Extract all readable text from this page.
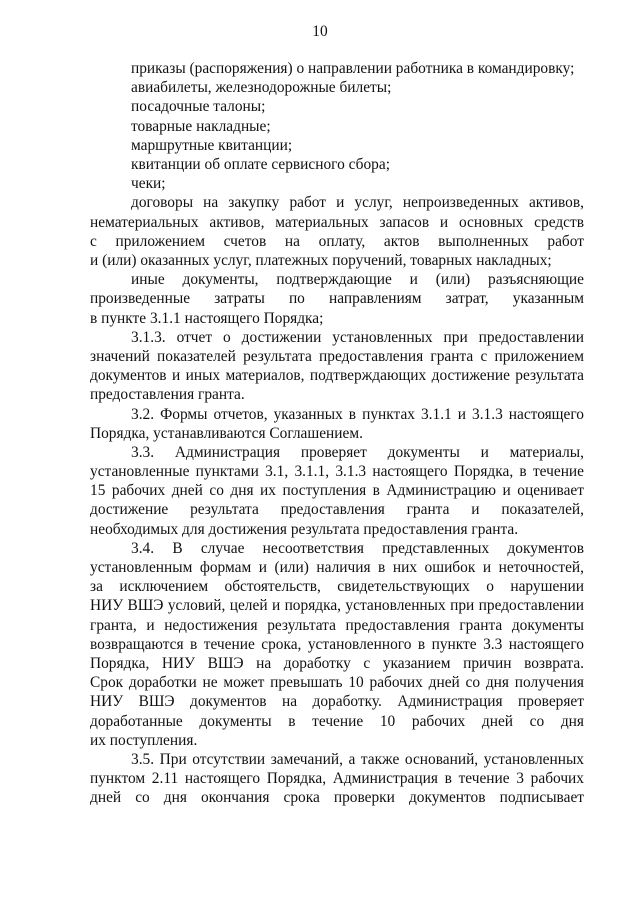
10
приказы (распоряжения) о направлении работника в командировку;
авиабилеты, железнодорожные билеты;
посадочные талоны;
товарные накладные;
маршрутные квитанции;
квитанции об оплате сервисного сбора;
чеки;
договоры на закупку работ и услуг, непроизведенных активов,
нематериальных активов, материальных запасов и основных средств
с приложением счетов на оплату, актов выполненных работ
и (или) оказанных услуг, платежных поручений, товарных накладных;
иные документы, подтверждающие и (или) разъясняющие
произведенные затраты по направлениям затрат, указанным
в пункте 3.1.1 настоящего Порядка;
3.1.3. отчет о достижении установленных при предоставлении
значений показателей результата предоставления гранта с приложением
документов и иных материалов, подтверждающих достижение результата
предоставления гранта.
3.2. Формы отчетов, указанных в пунктах 3.1.1 и 3.1.3 настоящего
Порядка, устанавливаются Соглашением.
3.3. Администрация проверяет документы и материалы,
установленные пунктами 3.1, 3.1.1, 3.1.3 настоящего Порядка, в течение
15 рабочих дней со дня их поступления в Администрацию и оценивает
достижение результата предоставления гранта и показателей,
необходимых для достижения результата предоставления гранта.
3.4. В случае несоответствия представленных документов
установленным формам и (или) наличия в них ошибок и неточностей,
за исключением обстоятельств, свидетельствующих о нарушении
НИУ ВШЭ условий, целей и порядка, установленных при предоставлении
гранта, и недостижения результата предоставления гранта документы
возвращаются в течение срока, установленного в пункте 3.3 настоящего
Порядка, НИУ ВШЭ на доработку с указанием причин возврата.
Срок доработки не может превышать 10 рабочих дней со дня получения
НИУ ВШЭ документов на доработку. Администрация проверяет
доработанные документы в течение 10 рабочих дней со дня
их поступления.
3.5. При отсутствии замечаний, а также оснований, установленных
пунктом 2.11 настоящего Порядка, Администрация в течение 3 рабочих
дней со дня окончания срока проверки документов подписывает
